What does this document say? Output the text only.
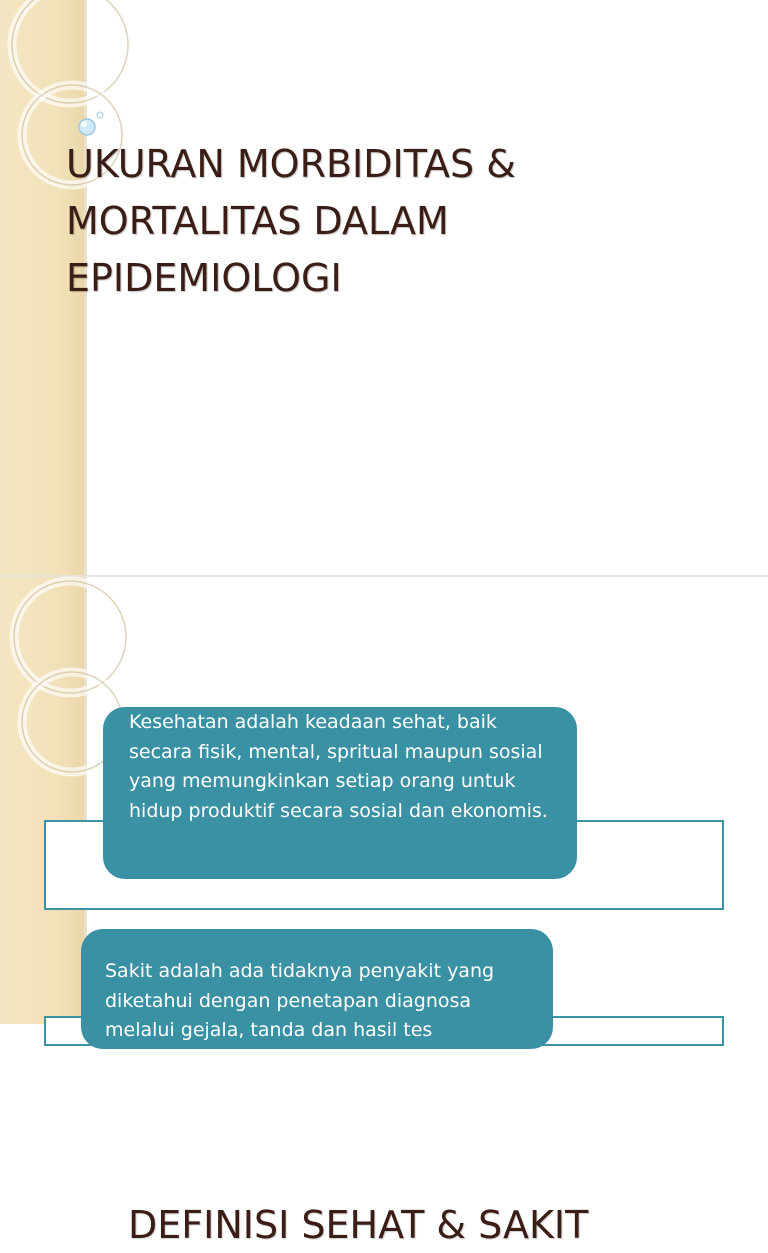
UKURAN MORBIDITAS &
MORTALITAS DALAM
EPIDEMIOLOGI
DEFINISI SEHAT & SAKIT

Kesehatan adalah keadaan sehat, baik secara fisik, mental, spritual maupun sosial yang memungkinkan setiap orang untuk hidup produktif secara sosial dan ekonomis.

Sakit adalah ada tidaknya penyakit yang diketahui dengan penetapan diagnosa melalui gejala, tanda dan hasil tes
